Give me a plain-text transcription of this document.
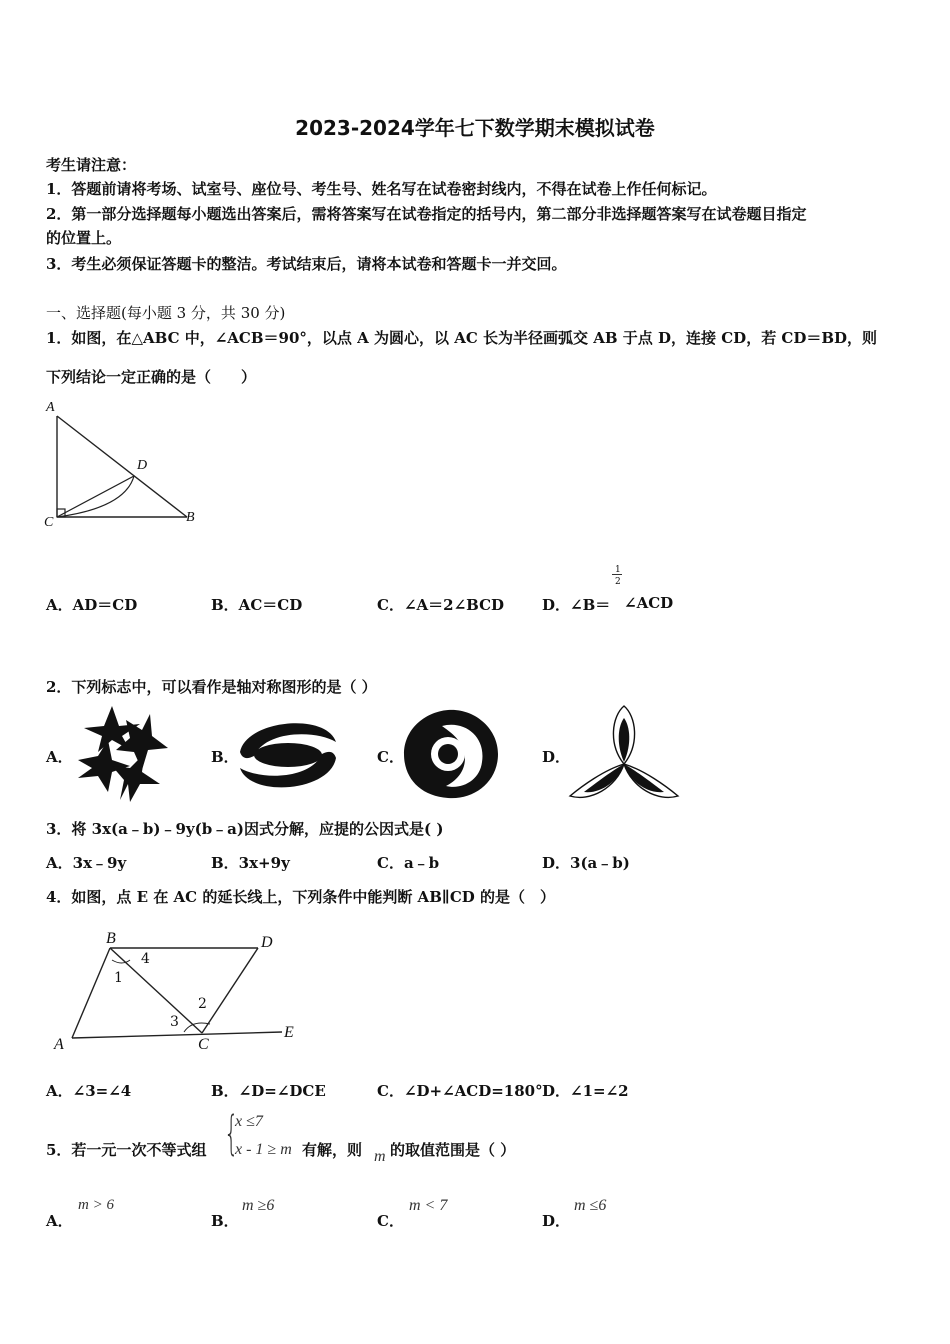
2023-2024学年七下数学期末模拟试卷
考生请注意：
1．答题前请将考场、试室号、座位号、考生号、姓名写在试卷密封线内，不得在试卷上作任何标记。
2．第一部分选择题每小题选出答案后，需将答案写在试卷指定的括号内，第二部分非选择题答案写在试卷题目指定
的位置上。
3．考生必须保证答题卡的整洁。考试结束后，请将本试卷和答题卡一并交回。
一、选择题(每小题 3 分，共 30 分)
1．如图，在△ABC 中，∠ACB＝90°，以点 A 为圆心，以 AC 长为半径画弧交 AB 于点 D，连接 CD，若 CD＝BD，则
下列结论一定正确的是（　　）
A
C	B
D
A．AD＝CD	B．AC＝CD	C．∠A＝2∠BCD	D．∠B＝ ∠ACD
1
2
2．下列标志中，可以看作是轴对称图形的是（ ）
A．	B．	C．	D．
3．将 3x(a﹣b)﹣9y(b﹣a)因式分解，应提的公因式是( )
A．3x﹣9y	B．3x+9y	C．a﹣b	D．3(a﹣b)
4．如图，点 E 在 AC 的延长线上，下列条件中能判断 AB∥CD 的是（　）
B	D
A	C
E
1
2
3
4
A．∠3=∠4	B．∠D=∠DCE	C．∠D+∠ACD=180° D．∠1=∠2
5．若一元一次不等式组 {
x ≤7
x - 1 ≥ m 有解，则 m 的取值范围是（ ）
A．
m > 6
B．
m ≥6
C．
m < 7
D．
m ≤6
